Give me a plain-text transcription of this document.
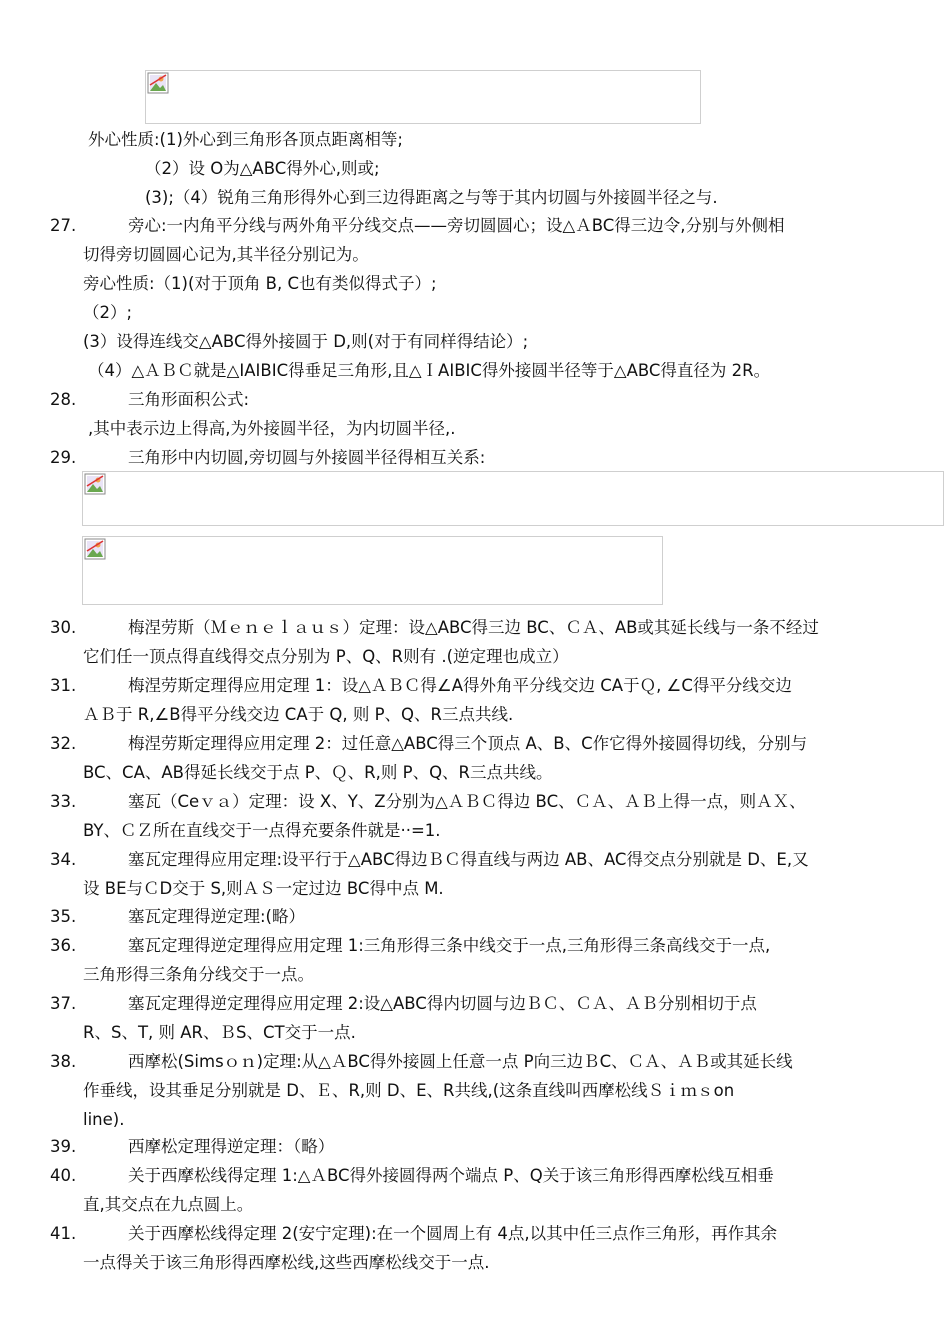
外心性质:(1)外心到三角形各顶点距离相等;
（2）设 O为△ABC得外心,则或;
(3);（4）锐角三角形得外心到三边得距离之与等于其内切圆与外接圆半径之与.
27.	旁心:一内角平分线与两外角平分线交点——旁切圆圆心；设△ＡBC得三边令,分别与外侧相
切得旁切圆圆心记为,其半径分别记为。
旁心性质:（1)(对于顶角 B, C也有类似得式子）;
（2）;
(3）设得连线交△ABC得外接圆于 D,则(对于有同样得结论）;
（4）△ＡＢＣ就是△IAIBIC得垂足三角形,且△ＩAIBIC得外接圆半径等于△ABC得直径为 2R。
28.	三角形面积公式:
,其中表示边上得高,为外接圆半径，为内切圆半径,.
29.	三角形中内切圆,旁切圆与外接圆半径得相互关系:
30.	梅涅劳斯（Ｍｅｎｅｌａｕｓ）定理：设△ABC得三边 BC、ＣＡ、AB或其延长线与一条不经过
它们任一顶点得直线得交点分别为 P、Q、R则有 .(逆定理也成立）
31.	梅涅劳斯定理得应用定理 1：设△ＡＢＣ得∠A得外角平分线交边 CA于Ｑ, ∠C得平分线交边
ＡＢ于 R,∠B得平分线交边 CA于 Q, 则 P、Q、R三点共线.
32.	梅涅劳斯定理得应用定理 2：过任意△ABC得三个顶点 A、B、C作它得外接圆得切线，分别与
BC、CA、AB得延长线交于点 P、Ｑ、R,则 P、Q、R三点共线。
33.	塞瓦（Ceｖａ）定理：设 X、Y、Z分别为△ＡＢＣ得边 BC、ＣＡ、ＡＢ上得一点，则ＡＸ、
BY、ＣＺ所在直线交于一点得充要条件就是··=1.
34.	塞瓦定理得应用定理:设平行于△ABC得边ＢＣ得直线与两边 AB、AC得交点分别就是 D、E,又
设 BE与ＣD交于 S,则ＡＳ一定过边 BC得中点 M.
35.	塞瓦定理得逆定理:(略）
36.	塞瓦定理得逆定理得应用定理 1:三角形得三条中线交于一点,三角形得三条高线交于一点,
三角形得三条角分线交于一点。
37.	塞瓦定理得逆定理得应用定理 2:设△ABC得内切圆与边ＢＣ、ＣＡ、ＡＢ分别相切于点
R、S、T, 则 AR、ＢS、CT交于一点.
38.	西摩松(Simsｏｎ)定理:从△ＡBC得外接圆上任意一点 P向三边ＢC、ＣＡ、ＡＢ或其延长线
作垂线，设其垂足分别就是 D、Ｅ、R,则 D、E、R共线,(这条直线叫西摩松线Ｓｉｍｓon
line).
39.	西摩松定理得逆定理：（略）
40.	关于西摩松线得定理 1:△ＡBC得外接圆得两个端点 P、Q关于该三角形得西摩松线互相垂
直,其交点在九点圆上。
41.	关于西摩松线得定理 2(安宁定理):在一个圆周上有 4点,以其中任三点作三角形，再作其余
一点得关于该三角形得西摩松线,这些西摩松线交于一点.
